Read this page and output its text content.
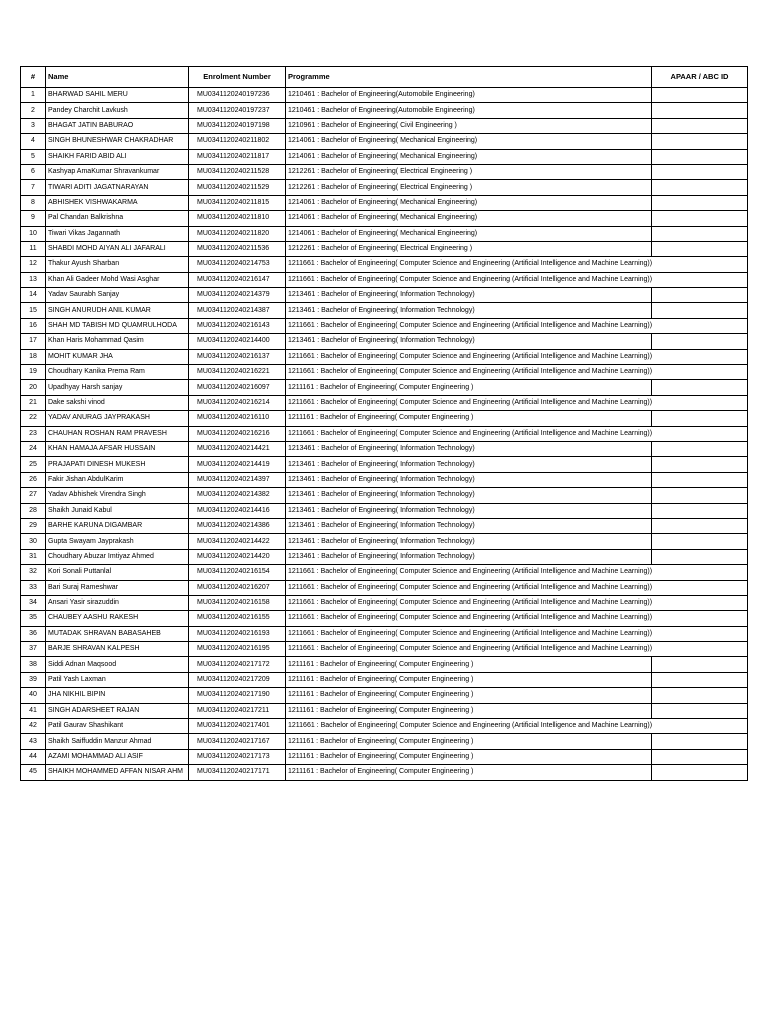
#	Name	Enrolment Number	Programme	APAAR / ABC ID
1	BHARWAD SAHIL MERU	MU0341120240197236	1210461 : Bachelor of Engineering(Automobile Engineering)	
2	Pandey Charchit Lavkush	MU0341120240197237	1210461 : Bachelor of Engineering(Automobile Engineering)	
3	BHAGAT JATIN BABURAO	MU0341120240197198	1210961 : Bachelor of Engineering( Civil Engineering )	
4	SINGH BHUNESHWAR CHAKRADHAR	MU0341120240211802	1214061 : Bachelor of Engineering( Mechanical Engineering)	
5	SHAIKH FARID ABID ALI	MU0341120240211817	1214061 : Bachelor of Engineering( Mechanical Engineering)	
6	Kashyap AmaKumar Shravankumar	MU0341120240211528	1212261 : Bachelor of Engineering( Electrical Engineering )	
7	TIWARI ADITI JAGATNARAYAN	MU0341120240211529	1212261 : Bachelor of Engineering( Electrical Engineering )	
8	ABHISHEK VISHWAKARMA	MU0341120240211815	1214061 : Bachelor of Engineering( Mechanical Engineering)	
9	Pal Chandan Balkrishna	MU0341120240211810	1214061 : Bachelor of Engineering( Mechanical Engineering)	
10	Tiwari Vikas Jagannath	MU0341120240211820	1214061 : Bachelor of Engineering( Mechanical Engineering)	
11	SHABDI MOHD AIYAN ALI JAFARALI	MU0341120240211536	1212261 : Bachelor of Engineering( Electrical Engineering )	
12	Thakur Ayush Sharban	MU0341120240214753	1211661 : Bachelor of Engineering( Computer Science and Engineering (Artificial Intelligence and Machine Learning))	
13	Khan Ali Gadeer Mohd Wasi Asghar	MU0341120240216147	1211661 : Bachelor of Engineering( Computer Science and Engineering (Artificial Intelligence and Machine Learning))	
14	Yadav Saurabh Sanjay	MU0341120240214379	1213461 : Bachelor of Engineering( Information Technology)	
15	SINGH ANURUDH ANIL KUMAR	MU0341120240214387	1213461 : Bachelor of Engineering( Information Technology)	
16	SHAH MD TABISH MD QUAMRULHODA	MU0341120240216143	1211661 : Bachelor of Engineering( Computer Science and Engineering (Artificial Intelligence and Machine Learning))	
17	Khan Haris Mohammad Qasim	MU0341120240214400	1213461 : Bachelor of Engineering( Information Technology)	
18	MOHIT KUMAR JHA	MU0341120240216137	1211661 : Bachelor of Engineering( Computer Science and Engineering (Artificial Intelligence and Machine Learning))	
19	Choudhary Kanika Prema Ram	MU0341120240216221	1211661 : Bachelor of Engineering( Computer Science and Engineering (Artificial Intelligence and Machine Learning))	
20	Upadhyay Harsh sanjay	MU0341120240216097	1211161 : Bachelor of Engineering( Computer Engineering )	
21	Dake sakshi vinod	MU0341120240216214	1211661 : Bachelor of Engineering( Computer Science and Engineering (Artificial Intelligence and Machine Learning))	
22	YADAV ANURAG JAYPRAKASH	MU0341120240216110	1211161 : Bachelor of Engineering( Computer Engineering )	
23	CHAUHAN ROSHAN RAM PRAVESH	MU0341120240216216	1211661 : Bachelor of Engineering( Computer Science and Engineering (Artificial Intelligence and Machine Learning))	
24	KHAN HAMAJA AFSAR HUSSAIN	MU0341120240214421	1213461 : Bachelor of Engineering( Information Technology)	
25	PRAJAPATI DINESH MUKESH	MU0341120240214419	1213461 : Bachelor of Engineering( Information Technology)	
26	Fakir Jishan AbdulKarim	MU0341120240214397	1213461 : Bachelor of Engineering( Information Technology)	
27	Yadav Abhishek Virendra Singh	MU0341120240214382	1213461 : Bachelor of Engineering( Information Technology)	
28	Shaikh Junaid Kabul	MU0341120240214416	1213461 : Bachelor of Engineering( Information Technology)	
29	BARHE KARUNA DIGAMBAR	MU0341120240214386	1213461 : Bachelor of Engineering( Information Technology)	
30	Gupta Swayam Jayprakash	MU0341120240214422	1213461 : Bachelor of Engineering( Information Technology)	
31	Choudhary Abuzar Imtiyaz Ahmed	MU0341120240214420	1213461 : Bachelor of Engineering( Information Technology)	
32	Kori Sonali Puttanlal	MU0341120240216154	1211661 : Bachelor of Engineering( Computer Science and Engineering (Artificial Intelligence and Machine Learning))	
33	Bari Suraj Rameshwar	MU0341120240216207	1211661 : Bachelor of Engineering( Computer Science and Engineering (Artificial Intelligence and Machine Learning))	
34	Ansari Yasir sirazuddin	MU0341120240216158	1211661 : Bachelor of Engineering( Computer Science and Engineering (Artificial Intelligence and Machine Learning))	
35	CHAUBEY AASHU RAKESH	MU0341120240216155	1211661 : Bachelor of Engineering( Computer Science and Engineering (Artificial Intelligence and Machine Learning))	
36	MUTADAK SHRAVAN BABASAHEB	MU0341120240216193	1211661 : Bachelor of Engineering( Computer Science and Engineering (Artificial Intelligence and Machine Learning))	
37	BARJE SHRAVAN KALPESH	MU0341120240216195	1211661 : Bachelor of Engineering( Computer Science and Engineering (Artificial Intelligence and Machine Learning))	
38	Siddi Adnan Maqsood	MU0341120240217172	1211161 : Bachelor of Engineering( Computer Engineering )	
39	Patil Yash Laxman	MU0341120240217209	1211161 : Bachelor of Engineering( Computer Engineering )	
40	JHA NIKHIL BIPIN	MU0341120240217190	1211161 : Bachelor of Engineering( Computer Engineering )	
41	SINGH ADARSHEET RAJAN	MU0341120240217211	1211161 : Bachelor of Engineering( Computer Engineering )	
42	Patil Gaurav Shashikant	MU0341120240217401	1211661 : Bachelor of Engineering( Computer Science and Engineering (Artificial Intelligence and Machine Learning))	
43	Shaikh Saiffuddin Manzur Ahmad	MU0341120240217167	1211161 : Bachelor of Engineering( Computer Engineering )	
44	AZAMI MOHAMMAD ALI ASIF	MU0341120240217173	1211161 : Bachelor of Engineering( Computer Engineering )	
45	SHAIKH MOHAMMED AFFAN NISAR AHM	MU0341120240217171	1211161 : Bachelor of Engineering( Computer Engineering )	
